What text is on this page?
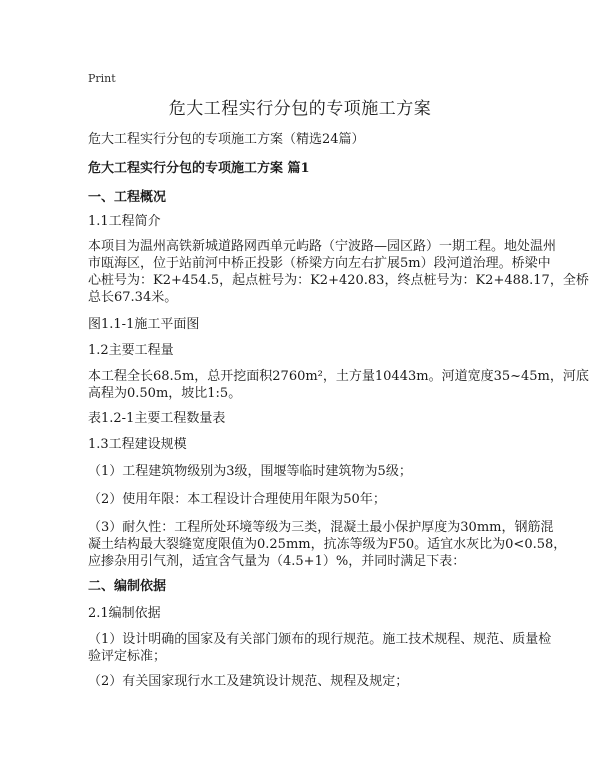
Print
危大工程实行分包的专项施工方案
危大工程实行分包的专项施工方案（精选24篇）
危大工程实行分包的专项施工方案 篇1
一、工程概况
1.1工程简介
本项目为温州高铁新城道路网西单元屿路（宁波路—园区路）一期工程。地处温州
市瓯海区，位于站前河中桥正投影（桥梁方向左右扩展5m）段河道治理。桥梁中
心桩号为：K2+454.5，起点桩号为：K2+420.83，终点桩号为：K2+488.17，全桥
总长67.34米。
图1.1-1施工平面图
1.2主要工程量
本工程全长68.5m，总开挖面积2760m²，土方量10443m。河道宽度35~45m，河底
高程为0.50m，坡比1:5。
表1.2-1主要工程数量表
1.3工程建设规模
（1）工程建筑物级别为3级，围堰等临时建筑物为5级；
（2）使用年限：本工程设计合理使用年限为50年；
（3）耐久性：工程所处环境等级为三类，混凝土最小保护厚度为30mm，钢筋混
凝土结构最大裂缝宽度限值为0.25mm，抗冻等级为F50。适宜水灰比为0<0.58，
应掺杂用引气剂，适宜含气量为（4.5+1）%，并同时满足下表：
二、编制依据
2.1编制依据
（1）设计明确的国家及有关部门颁布的现行规范。施工技术规程、规范、质量检
验评定标准；
（2）有关国家现行水工及建筑设计规范、规程及规定；
